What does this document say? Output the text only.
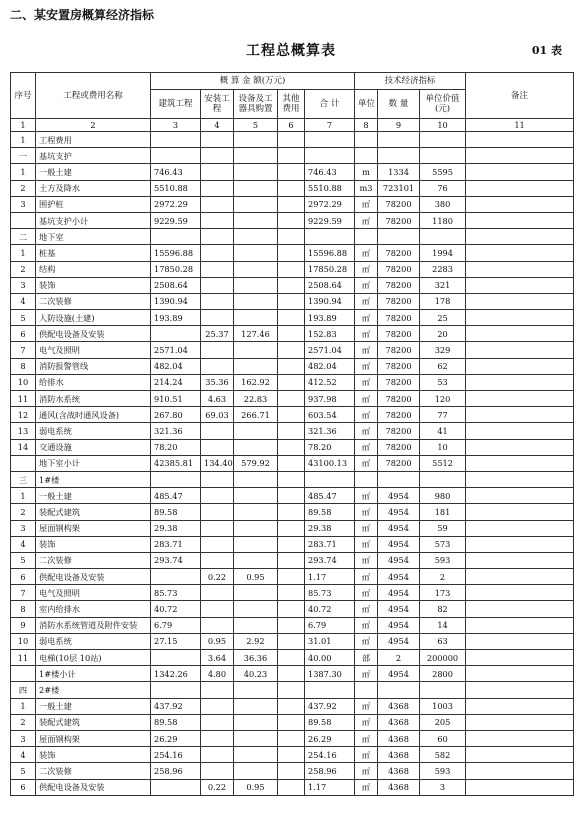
二、某安置房概算经济指标
工程总概算表	01 表
序号	工程或费用名称	概 算 金 额(万元)					技术经济指标			备注
		建筑工程	安装工程	设备及工器具购置	其他费用	合 计	单位	数 量	单位价值(元)	
1	2	3	4	5	6	7	8	9	10	11
1	工程费用									
一	基坑支护									
1	一般土建	746.43				746.43	m	1334	5595	
2	土方及降水	5510.88				5510.88	m3	723101	76	
3	围护桩	2972.29				2972.29	㎡	78200	380	
	基坑支护小计	9229.59				9229.59	㎡	78200	1180	
二	地下室									
1	桩基	15596.88				15596.88	㎡	78200	1994	
2	结构	17850.28				17850.28	㎡	78200	2283	
3	装饰	2508.64				2508.64	㎡	78200	321	
4	二次装修	1390.94				1390.94	㎡	78200	178	
5	人防设施(土建)	193.89				193.89	㎡	78200	25	
6	供配电设备及安装		25.37	127.46		152.83	㎡	78200	20	
7	电气及照明	2571.04				2571.04	㎡	78200	329	
8	消防报警管线	482.04				482.04	㎡	78200	62	
10	给排水	214.24	35.36	162.92		412.52	㎡	78200	53	
11	消防水系统	910.51	4.63	22.83		937.98	㎡	78200	120	
12	通风(含战时通风设备)	267.80	69.03	266.71		603.54	㎡	78200	77	
13	弱电系统	321.36				321.36	㎡	78200	41	
14	交通设施	78.20				78.20	㎡	78200	10	
	地下室小计	42385.81	134.40	579.92		43100.13	㎡	78200	5512	
三	1#楼									
1	一般土建	485.47				485.47	㎡	4954	980	
2	装配式建筑	89.58				89.58	㎡	4954	181	
3	屋面钢构架	29.38				29.38	㎡	4954	59	
4	装饰	283.71				283.71	㎡	4954	573	
5	二次装修	293.74				293.74	㎡	4954	593	
6	供配电设备及安装		0.22	0.95		1.17	㎡	4954	2	
7	电气及照明	85.73				85.73	㎡	4954	173	
8	室内给排水	40.72				40.72	㎡	4954	82	
9	消防水系统管道及附件安装	6.79				6.79	㎡	4954	14	
10	弱电系统	27.15	0.95	2.92		31.01	㎡	4954	63	
11	电梯(10层 10站)		3.64	36.36		40.00	部	2	200000	
	1#楼小计	1342.26	4.80	40.23		1387.30	㎡	4954	2800	
四	2#楼									
1	一般土建	437.92				437.92	㎡	4368	1003	
2	装配式建筑	89.58				89.58	㎡	4368	205	
3	屋面钢构架	26.29				26.29	㎡	4368	60	
4	装饰	254.16				254.16	㎡	4368	582	
5	二次装修	258.96				258.96	㎡	4368	593	
6	供配电设备及安装		0.22	0.95		1.17	㎡	4368	3	
